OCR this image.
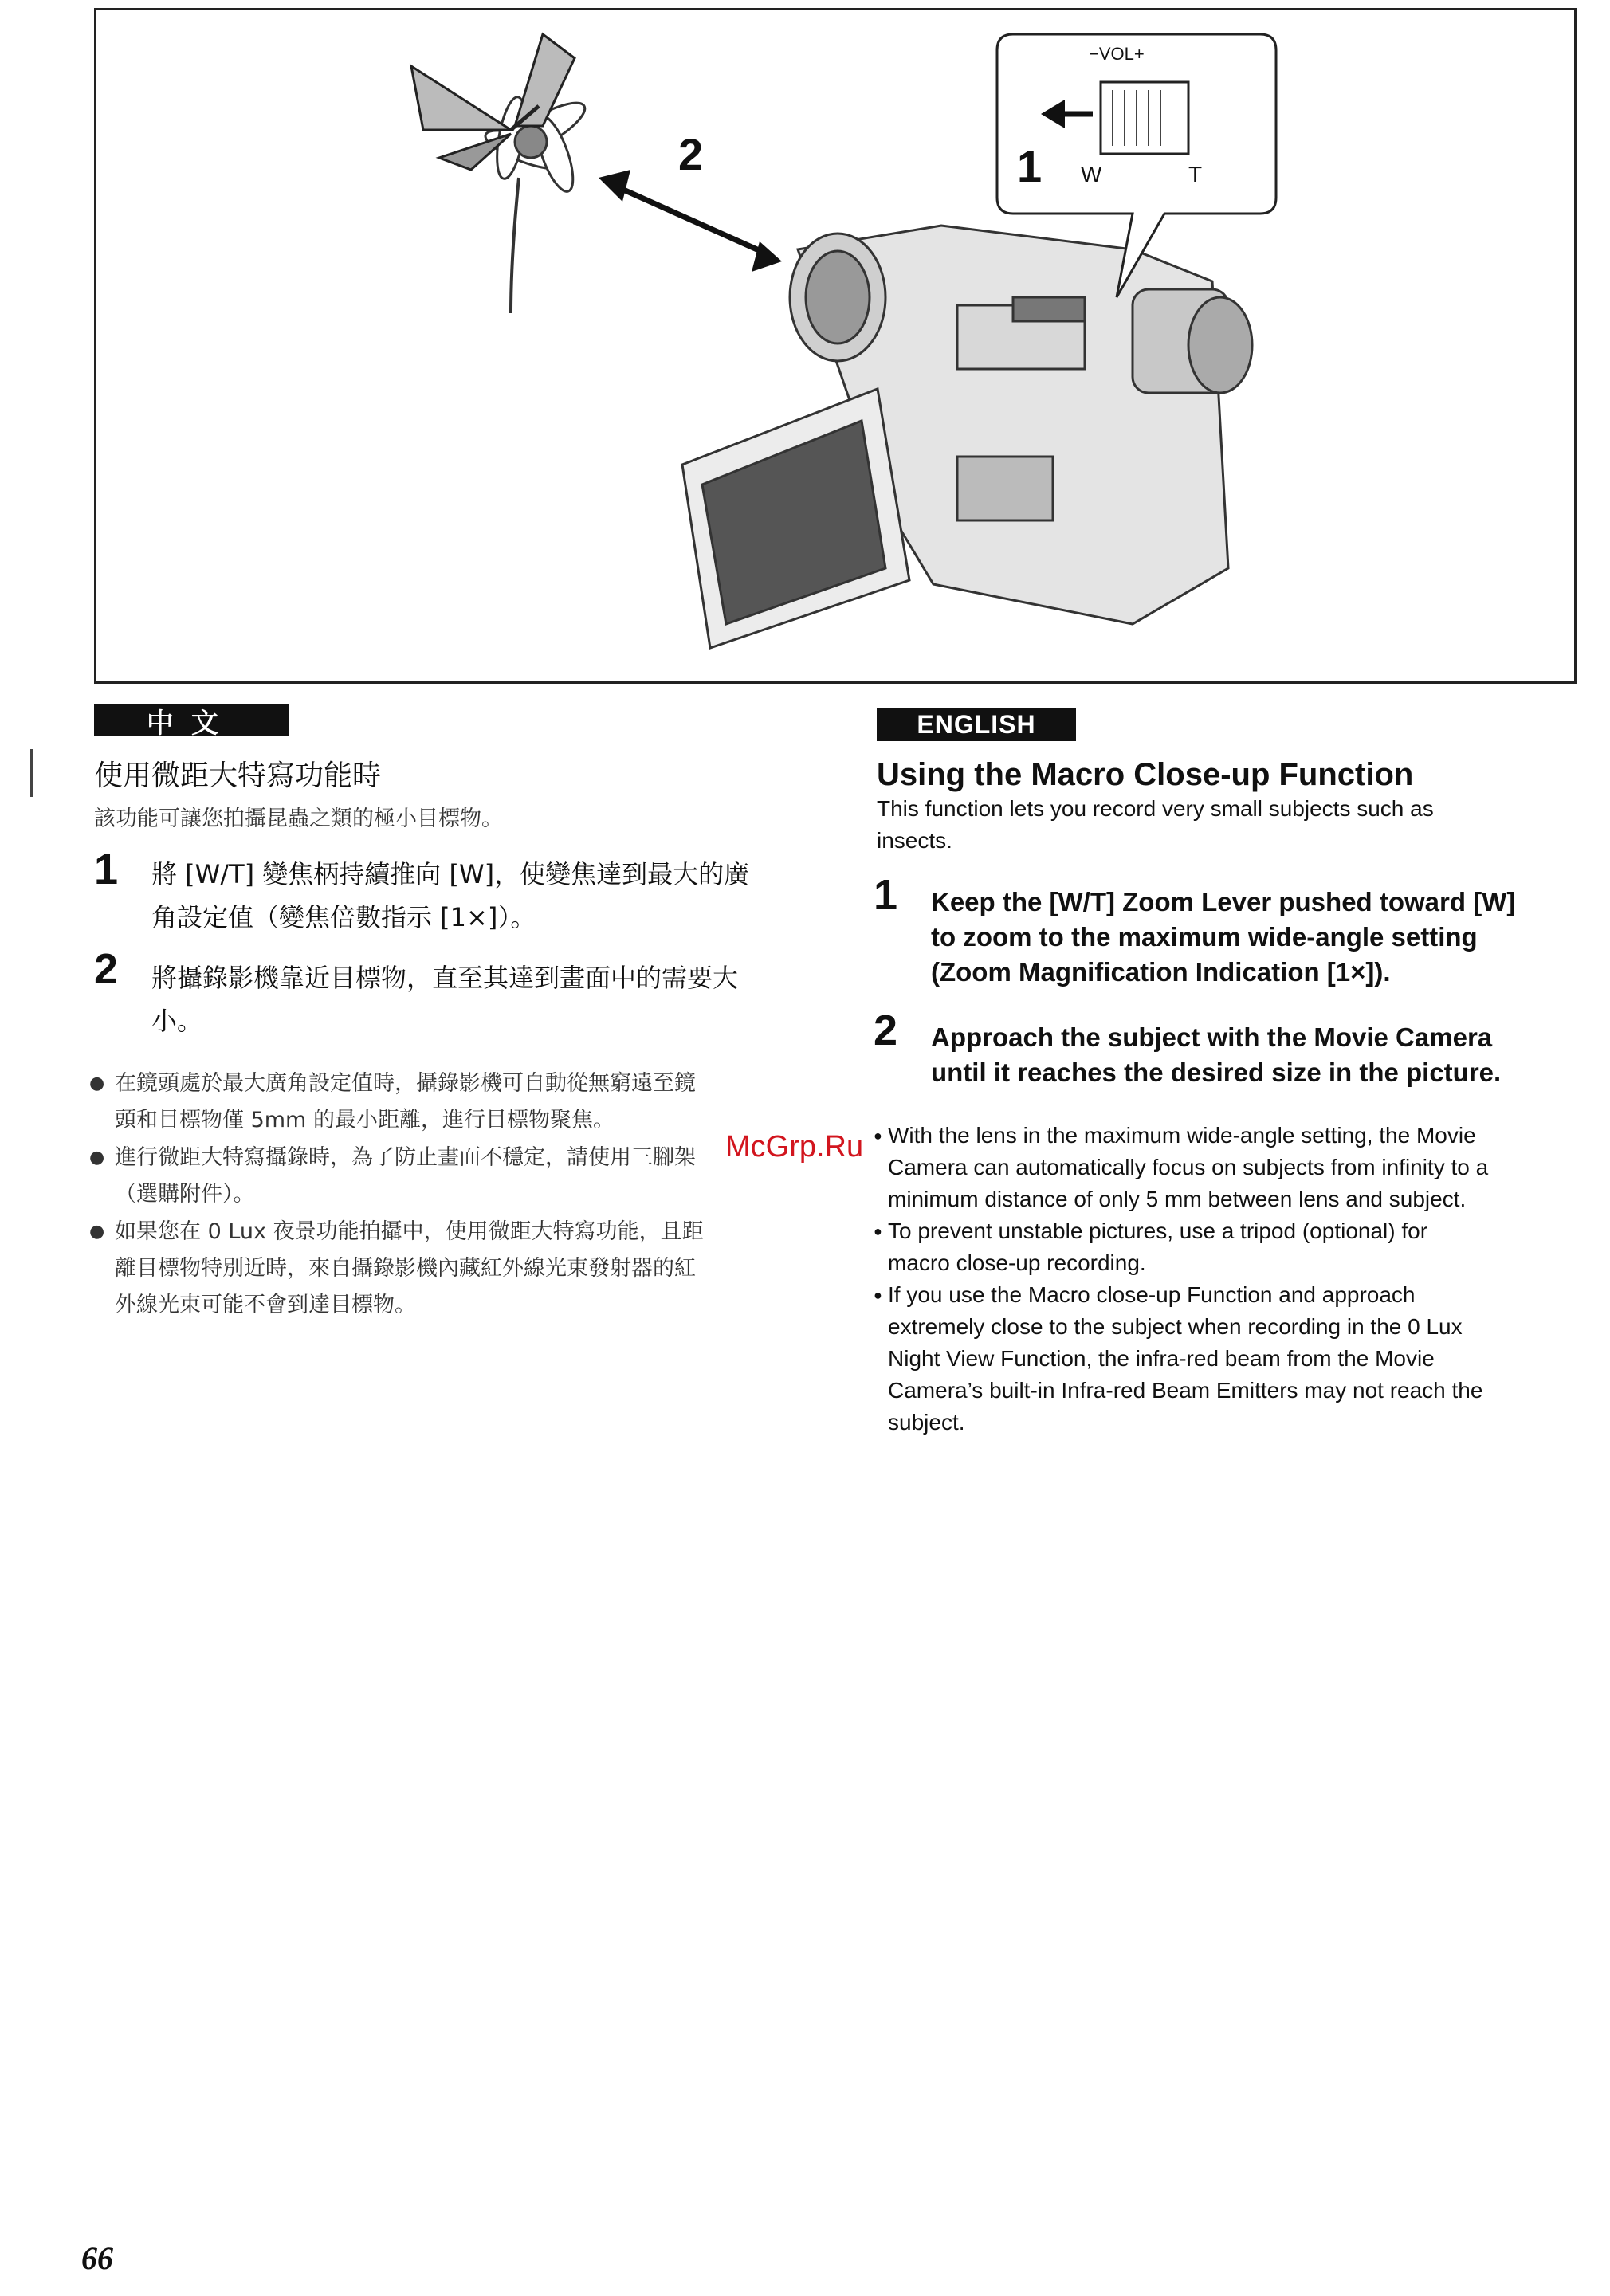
2
−VOL+
1 W	T
中文
使用微距大特寫功能時
該功能可讓您拍攝昆蟲之類的極小目標物。
1 將 [W/T] 變焦柄持續推向 [W]，使變焦達到最大的廣
角設定值（變焦倍數指示 [1×]）。
2 將攝錄影機靠近目標物，直至其達到畫面中的需要大
小。
● 在鏡頭處於最大廣角設定值時，攝錄影機可自動從無窮遠至鏡
頭和目標物僅 5mm 的最小距離，進行目標物聚焦。
● 進行微距大特寫攝錄時，為了防止畫面不穩定，請使用三腳架
（選購附件）。
● 如果您在 0 Lux 夜景功能拍攝中，使用微距大特寫功能，且距
離目標物特別近時，來自攝錄影機內藏紅外線光束發射器的紅
外線光束可能不會到達目標物。
ENGLISH
Using the Macro Close-up Function
This function lets you record very small subjects such as
insects.
1 Keep the [W/T] Zoom Lever pushed toward [W]
to zoom to the maximum wide-angle setting
(Zoom Magnification Indication [1×]).
2 Approach the subject with the Movie Camera
until it reaches the desired size in the picture.
● With the lens in the maximum wide-angle setting, the Movie
Camera can automatically focus on subjects from infinity to a
minimum distance of only 5 mm between lens and subject.
● To prevent unstable pictures, use a tripod (optional) for
macro close-up recording.
● If you use the Macro close-up Function and approach
extremely close to the subject when recording in the 0 Lux
Night View Function, the infra-red beam from the Movie
Camera’s built-in Infra-red Beam Emitters may not reach the
subject.
McGrp.Ru
66
